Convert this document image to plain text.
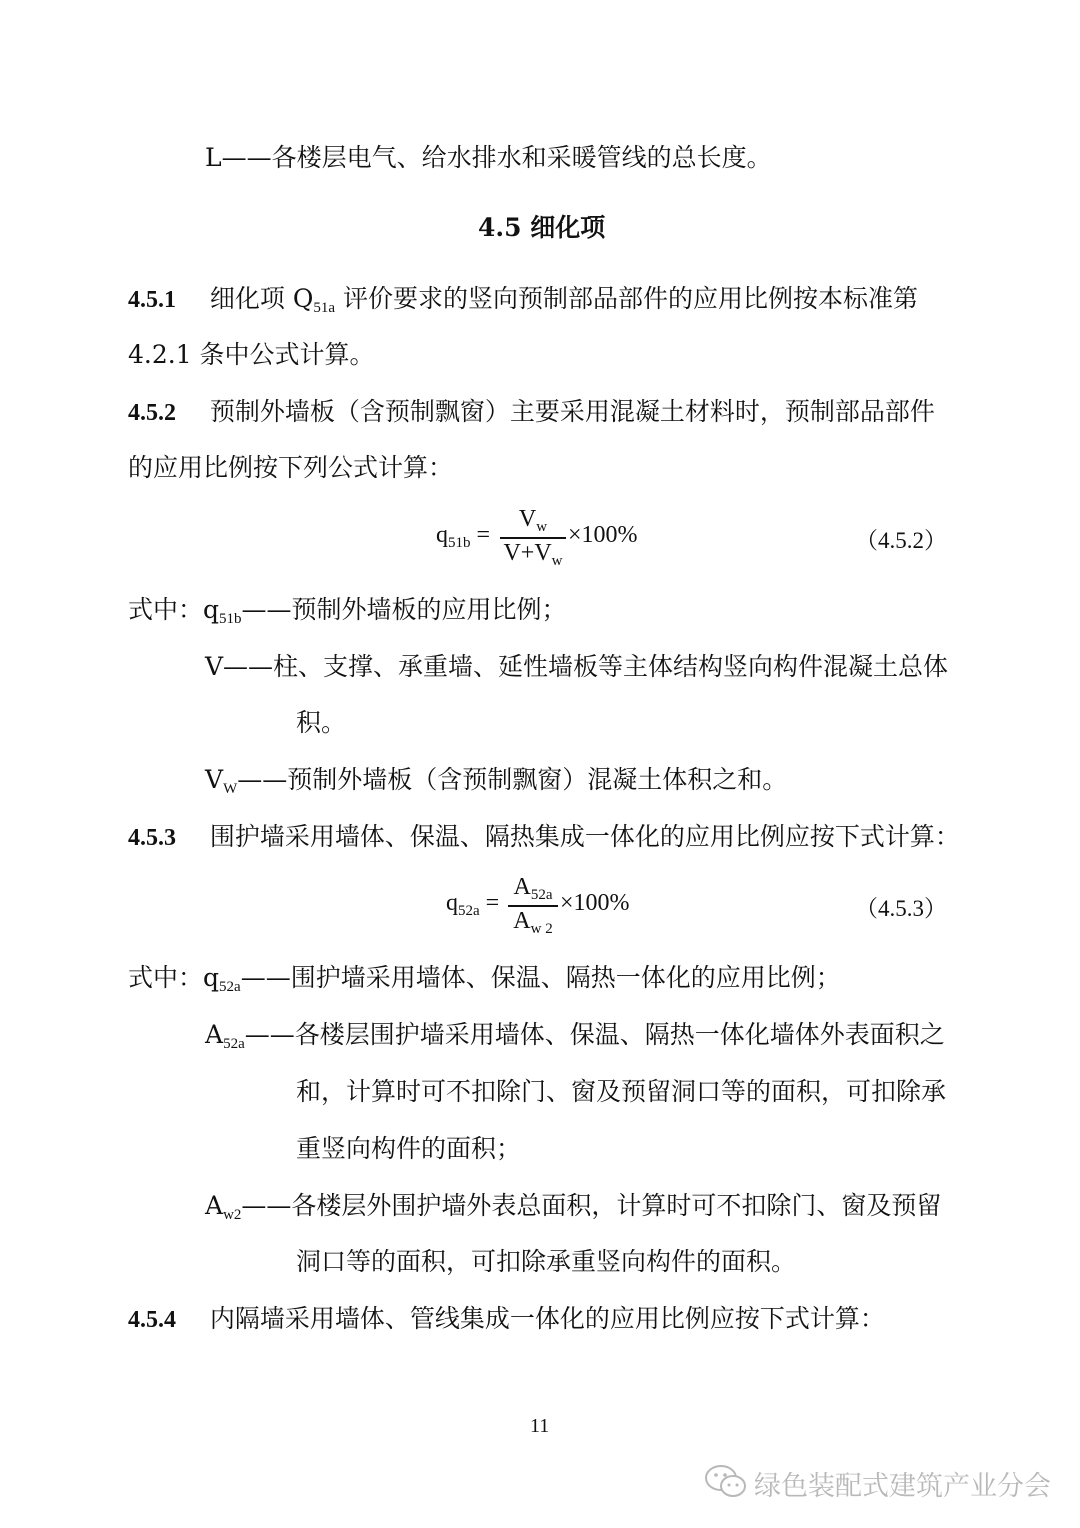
L——各楼层电气、给水排水和采暖管线的总长度。
4.5 细化项
4.5.1 细化项 $Q_{51a}$ 评价要求的竖向预制部品部件的应用比例按本标准第
4.2.1 条中公式计算。
4.5.2 预制外墙板（含预制飘窗）主要采用混凝土材料时，预制部品部件
的应用比例按下列公式计算：
$q_{51b}$ =
$V_w$
$V+V_w$
×100%	（4.5.2）
式中：$q_{51b}——$预制外墙板的应用比例；
V——柱、支撑、承重墙、延性墙板等主体结构竖向构件混凝土总体
积。
$V_W——$预制外墙板（含预制飘窗）混凝土体积之和。
4.5.3 围护墙采用墙体、保温、隔热集成一体化的应用比例应按下式计算：
$q_{52a}$ =
$A_{52a}$
$A_{w 2}$
×100%	（4.5.3）
式中：$q_{52a}——$围护墙采用墙体、保温、隔热一体化的应用比例；
$A_{52a}——$各楼层围护墙采用墙体、保温、隔热一体化墙体外表面积之
和，计算时可不扣除门、窗及预留洞口等的面积，可扣除承
重竖向构件的面积；
$A_{w2}——$各楼层外围护墙外表总面积，计算时可不扣除门、窗及预留
洞口等的面积，可扣除承重竖向构件的面积。
4.5.4 内隔墙采用墙体、管线集成一体化的应用比例应按下式计算：
11
绿色装配式建筑产业分会
